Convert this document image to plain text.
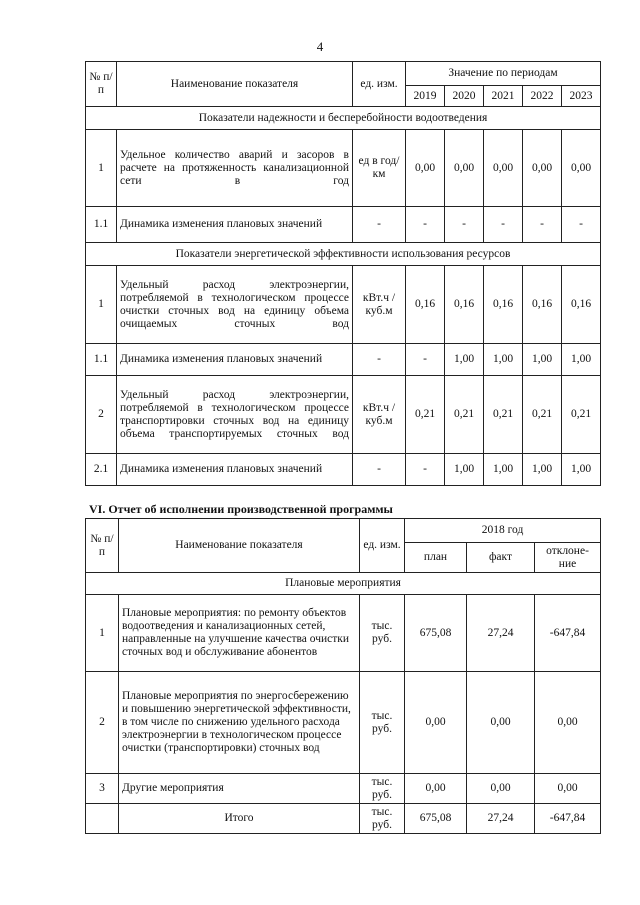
4
№ п/п	Наименование показателя	ед. изм.	Значение по периодам				
			2019	2020	2021	2022	2023
Показатели надежности и бесперебойности водоотведения							
1	Удельное количество аварий и засоров в расчете на протяженность канализационной сети в год	ед в год/ км	0,00	0,00	0,00	0,00	0,00
1.1	Динамика изменения плановых значений	-	-	-	-	-	-
Показатели энергетической эффективности использования ресурсов							
1	Удельный расход электроэнергии, потребляемой в технологическом процессе очистки сточных вод на единицу объема очищаемых сточных вод	кВт.ч / куб.м	0,16	0,16	0,16	0,16	0,16
1.1	Динамика изменения плановых значений	-	-	1,00	1,00	1,00	1,00
2	Удельный расход электроэнергии, потребляемой в технологическом процессе транспортировки сточных вод на единицу объема транспортируемых сточных вод	кВт.ч / куб.м	0,21	0,21	0,21	0,21	0,21
2.1	Динамика изменения плановых значений	-	-	1,00	1,00	1,00	1,00
VI. Отчет об исполнении производственной программы
№ п/п	Наименование показателя	ед. изм.	2018 год		
			план	факт	отклоне-ние
Плановые мероприятия					
1	Плановые мероприятия: по ремонту объектов водоотведения и канализационных сетей, направленные на улучшение качества очистки сточных вод и обслуживание абонентов	тыс. руб.	675,08	27,24	-647,84
2	Плановые мероприятия по энергосбережению и повышению энергетической эффективности, в том числе по снижению удельного расхода электроэнергии в технологическом процессе очистки (транспортировки) сточных вод	тыс. руб.	0,00	0,00	0,00
3	Другие мероприятия	тыс. руб.	0,00	0,00	0,00
	Итого	тыс. руб.	675,08	27,24	-647,84
